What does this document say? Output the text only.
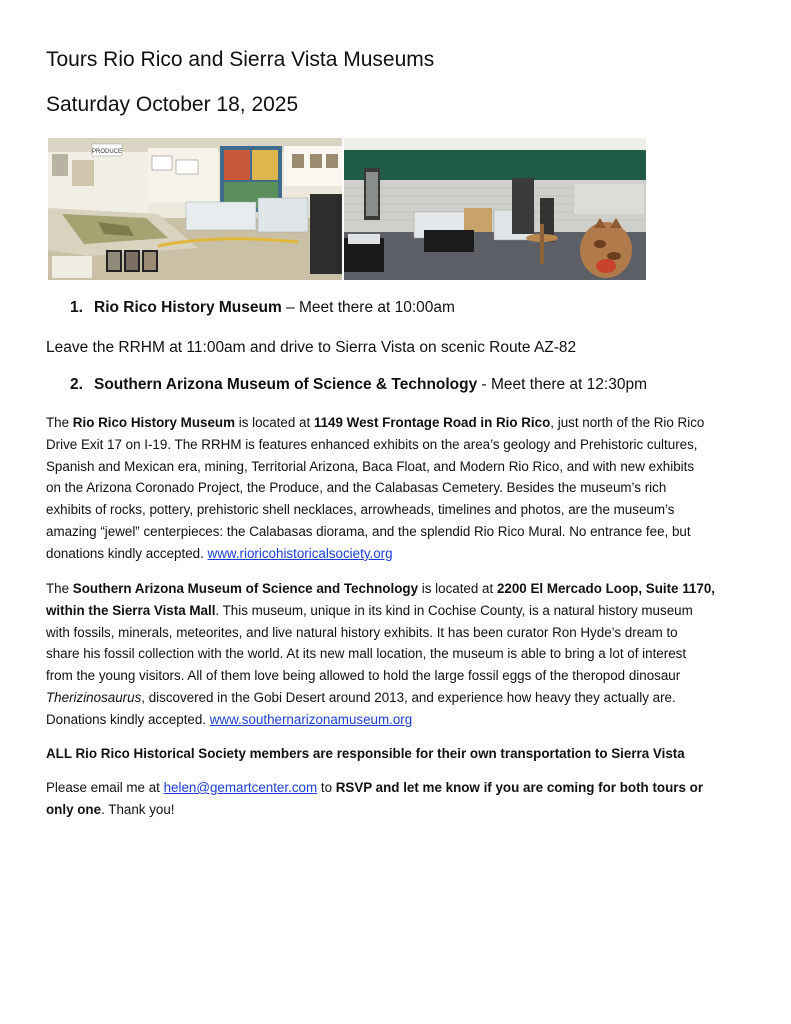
Tours Rio Rico and Sierra Vista Museums
Saturday October 18, 2025
PRODUCE
1. Rio Rico History Museum – Meet there at 10:00am
Leave the RRHM at 11:00am and drive to Sierra Vista on scenic Route AZ-82
2. Southern Arizona Museum of Science & Technology - Meet there at 12:30pm
The Rio Rico History Museum is located at 1149 West Frontage Road in Rio Rico, just north of the Rio Rico
Drive Exit 17 on I-19. The RRHM is features enhanced exhibits on the area’s geology and Prehistoric cultures,
Spanish and Mexican era, mining, Territorial Arizona, Baca Float, and Modern Rio Rico, and with new exhibits
on the Arizona Coronado Project, the Produce, and the Calabasas Cemetery. Besides the museum’s rich
exhibits of rocks, pottery, prehistoric shell necklaces, arrowheads, timelines and photos, are the museum’s
amazing “jewel” centerpieces: the Calabasas diorama, and the splendid Rio Rico Mural. No entrance fee, but
donations kindly accepted. www.rioricohistoricalsociety.org
The Southern Arizona Museum of Science and Technology is located at 2200 El Mercado Loop, Suite 1170,
within the Sierra Vista Mall. This museum, unique in its kind in Cochise County, is a natural history museum
with fossils, minerals, meteorites, and live natural history exhibits. It has been curator Ron Hyde’s dream to
share his fossil collection with the world. At its new mall location, the museum is able to bring a lot of interest
from the young visitors. All of them love being allowed to hold the large fossil eggs of the theropod dinosaur
Therizinosaurus, discovered in the Gobi Desert around 2013, and experience how heavy they actually are.
Donations kindly accepted. www.southernarizonamuseum.org
ALL Rio Rico Historical Society members are responsible for their own transportation to Sierra Vista
Please email me at helen@gemartcenter.com to RSVP and let me know if you are coming for both tours or
only one. Thank you!
